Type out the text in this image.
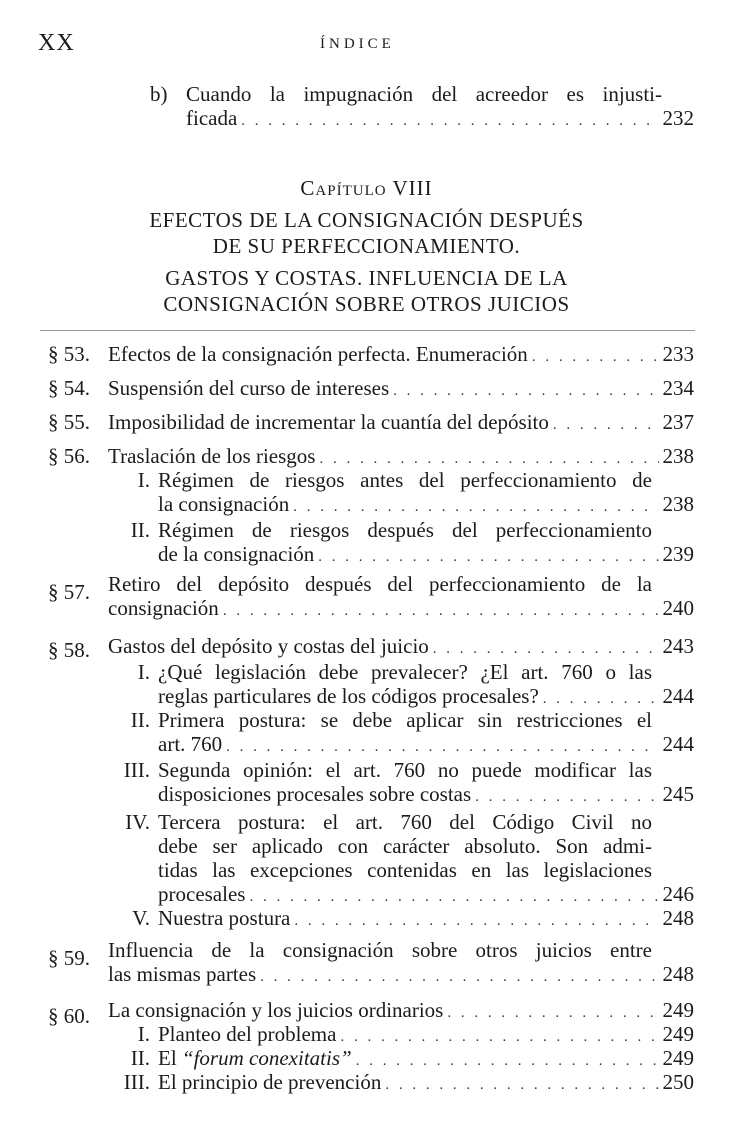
XX	ÍNDICE
b) Cuando la impugnación del acreedor es injusti-
ficada . . .	232
Capítulo VIII
EFECTOS DE LA CONSIGNACIÓN DESPUÉS
DE SU PERFECCIONAMIENTO.
GASTOS Y COSTAS. INFLUENCIA DE LA
CONSIGNACIÓN SOBRE OTROS JUICIOS
§ 53. Efectos de la consignación perfecta. Enumeración . . .	233
§ 54. Suspensión del curso de intereses . . .	234
§ 55. Imposibilidad de incrementar la cuantía del depósito . . .	237
§ 56. Traslación de los riesgos . . .	238
I. Régimen de riesgos antes del perfeccionamiento de
la consignación . . .	238
II. Régimen de riesgos después del perfeccionamiento
de la consignación . . .	239
§ 57. Retiro del depósito después del perfeccionamiento de la
consignación . . .	240
§ 58. Gastos del depósito y costas del juicio . . .	243
I. ¿Qué legislación debe prevalecer? ¿El art. 760 o las
reglas particulares de los códigos procesales? . . .	244
II. Primera postura: se debe aplicar sin restricciones el
art. 760 . . .	244
III. Segunda opinión: el art. 760 no puede modificar las
disposiciones procesales sobre costas . . .	245
IV. Tercera postura: el art. 760 del Código Civil no
debe ser aplicado con carácter absoluto. Son admi-
tidas las excepciones contenidas en las legislaciones
procesales . . .	246
V. Nuestra postura . . .	248
§ 59. Influencia de la consignación sobre otros juicios entre
las mismas partes . . .	248
§ 60. La consignación y los juicios ordinarios . . .	249
I. Planteo del problema . . .	249
II. El “forum conexitatis” . . .	249
III. El principio de prevención . . .	250
